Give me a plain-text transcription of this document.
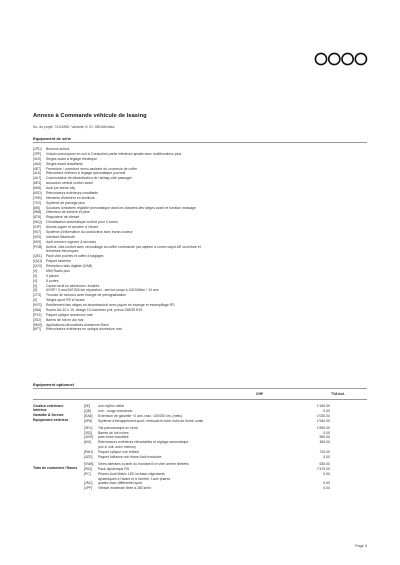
Annexe à Commande véhicule de leasing
No. du projet: 74126552, Variante: 8, ID: DBGdHzdsta
Equipement de série
[1PD]	Boulons antivol
[2PF]	Volant contourpsort en cuir à 3 branches partie inférieure aplatie avec multifonctions plus
[3L5]	Sièges avant à réglage électrique
[4A3]	Sièges avant chauffants
[4E7]	Fermeture / ouverture servo-assistée du couvercle de coffre
[4L6]	Rétroviseur intérieur à réglage automatique jour/nuit
[4U7]	Commutateur de désactivation de l'airbag côté passager
[6E3]	accoudoir central confort avant
[6K8]	Audi pre sense city
[6XD]	Rétroviseurs extérieurs chauffants
[7HB]	éléments d'intérieur en similicuir
[7X2]	Système de parcage plus
[8I6]	Solutions lombaires réglable pneumatique dans les dossiers des sièges avant et fonction massage
[8N6]	Détecteur de lumière et pluie
[8T6]	Régulateur de vitesse
[9AQ]	Climatisation automatique confort pour 3 zones
[9JP]	Allume-cigare et cendrier à l'avant
[9S7]	Système d'information du conducteur avec écran couleur
[9ZX]	Interface Bluetooth
[IW3]	Audi connect urgence & services
[PGB]	Antivol, clés confort avec verrouillage du coffre commandé par capteur à comm capot AR ouverture et
fermeture électriques
[QE1]	Pack vide-poches et coffre à bagages
[QQ1]	Paquet lumières
[QV3]	Réception radio digitale (DAB)
[X]	MMI Radio plus
[X]	5 places
[X]	5 portes
[X]	Cache-seuil en aluminium, éclairés
[X]	ASSP+ 3 ans/100'000 km réparation - service puspi à 100'000km / 10 ans
[1T3]	Trousse de secours avec triangle de présignalisation
[X]	Sièges sport RS à l'avant
[N7S]	Revêtement des sièges en alcantara/cuir avec piqûre en losange et estampillage RS
[45A]	Roues Alu 10 x 19, design 10-branches poli, pneus 265/35 R19
[PX2]	Paquet optique aluminium mat
[3S2]	Barres de toit en alu mat
[5MG]	Applications décoratives aluminium Race
[6FT]	Rétroviseurs extérieurs en optique aluminium mat
Equipement optionnel
CHF	TVA incl.
Couleur extérieure	[0E]	noir mythic métal	1'160.00
Intérieur	[QB]	noir - rouge crescendo	0.00
Garantie & Service	[EA8]	Extension de garantie +2 ans, max. 100'000 km, (netto)	1'030.00
Equipement extérieur	[0P6]	Système d'échappement sport, embouts tri-tube noirs de forme ovale	1'540.00
[3FU]	Toit panoramique en verre	1'890.00
[3S2]	Barres de toit noires	0.00
[4GR]	pare-brise chauffant	550.00
[6XI]	Rétroviseurs extérieurs rétractables et réglage automatique	450.00
jour & nuit, avec memory
[PAH]	Paquet optique noir brillant	720.00
[4ZD]	Paquet brillance noir titane Audi exclusive	0.00
[VW8]	Vitres latérales à partir du montant B et vitre arrière teintées	630.00
Train de roulement / Roues	[PA2]	Pack dynamique RS	7'470.00
[PC]	Phares Audi Matrix LED incluant clignotants	0.00
dynamiques à l'avant et à l'arrière, Lave-phares
[2MJ]	quattro avec différentiel sport	0.00
[1PF]	Vitesse maximale fixée à 280 km/h	0.00
Page 3
